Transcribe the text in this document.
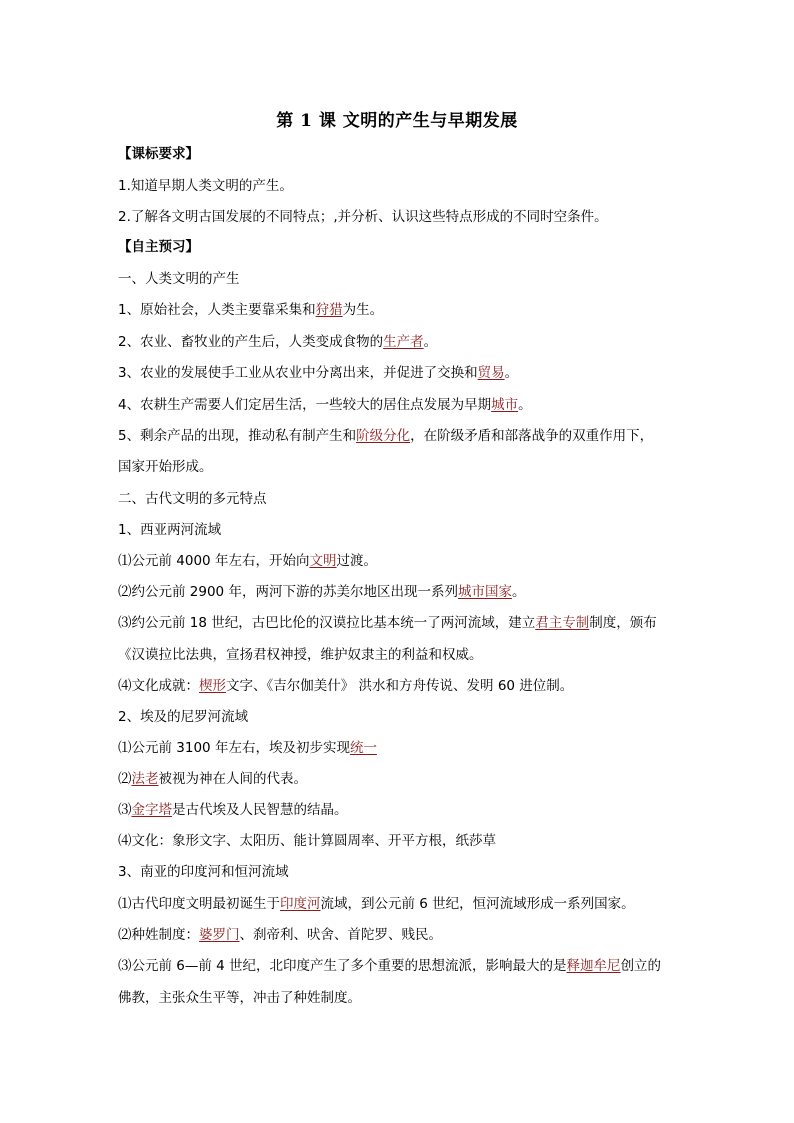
第 1 课 文明的产生与早期发展
【课标要求】
1.知道早期人类文明的产生。
2.了解各文明古国发展的不同特点；,并分析、认识这些特点形成的不同时空条件。
【自主预习】
一、人类文明的产生
1、原始社会，人类主要靠采集和狩猎为生。
2、农业、畜牧业的产生后，人类变成食物的生产者。
3、农业的发展使手工业从农业中分离出来，并促进了交换和贸易。
4、农耕生产需要人们定居生活，一些较大的居住点发展为早期城市。
5、剩余产品的出现，推动私有制产生和阶级分化，在阶级矛盾和部落战争的双重作用下，
国家开始形成。
二、古代文明的多元特点
1、西亚两河流域
⑴公元前 4000 年左右，开始向文明过渡。
⑵约公元前 2900 年，两河下游的苏美尔地区出现一系列城市国家。
⑶约公元前 18 世纪，古巴比伦的汉谟拉比基本统一了两河流域，建立君主专制制度，颁布
《汉谟拉比法典，宣扬君权神授，维护奴隶主的利益和权威。
⑷文化成就：楔形文字、《吉尔伽美什》 洪水和方舟传说、发明 60 进位制。
2、埃及的尼罗河流域
⑴公元前 3100 年左右，埃及初步实现统一
⑵法老被视为神在人间的代表。
⑶金字塔是古代埃及人民智慧的结晶。
⑷文化：象形文字、太阳历、能计算圆周率、开平方根，纸莎草
3、南亚的印度河和恒河流域
⑴古代印度文明最初诞生于印度河流域，到公元前 6 世纪，恒河流域形成一系列国家。
⑵种姓制度：婆罗门、刹帝利、吠舍、首陀罗、贱民。
⑶公元前 6—前 4 世纪，北印度产生了多个重要的思想流派，影响最大的是释迦牟尼创立的
佛教，主张众生平等，冲击了种姓制度。
